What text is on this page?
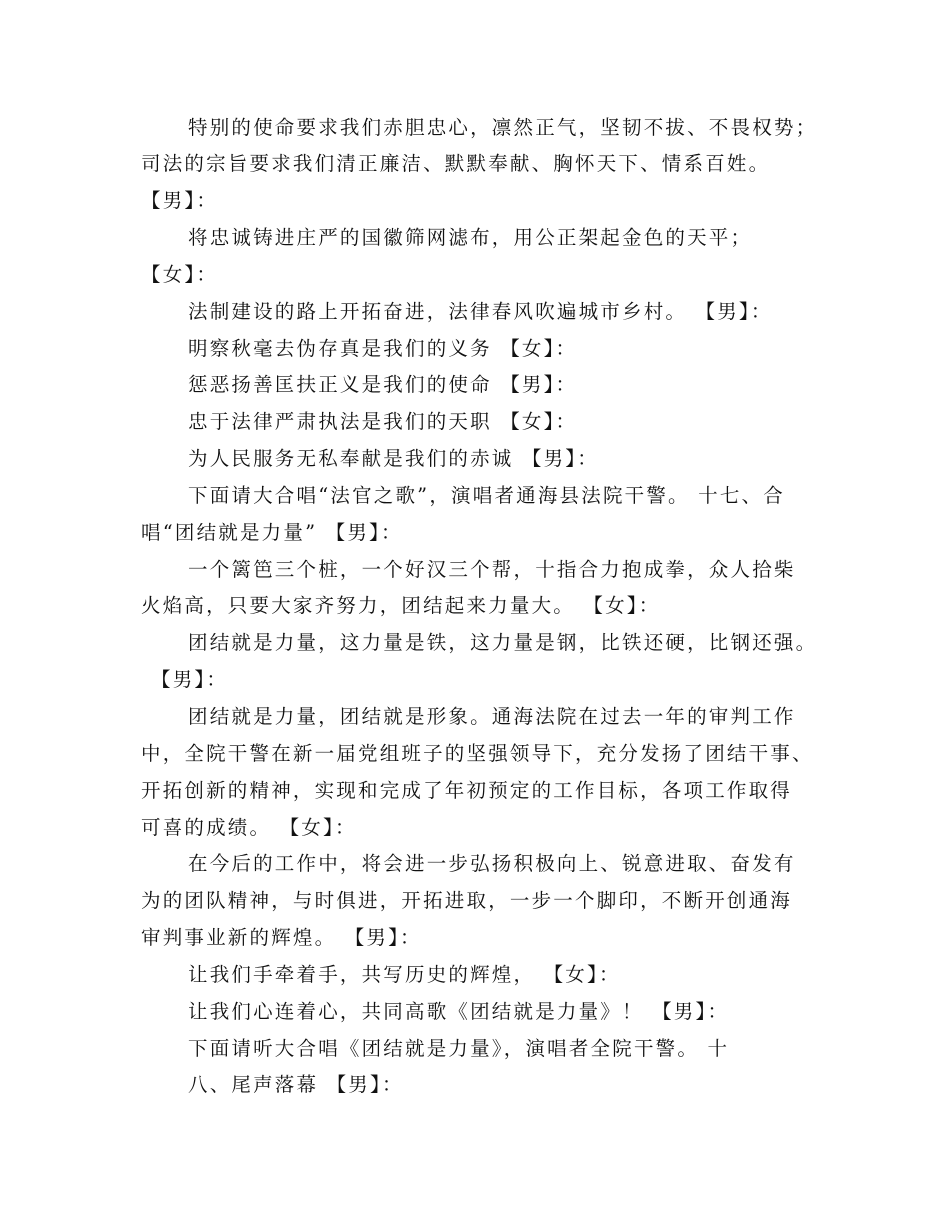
特别的使命要求我们赤胆忠心，凛然正气，坚韧不拔、不畏权势；
司法的宗旨要求我们清正廉洁、默默奉献、胸怀天下、情系百姓。
【男】：
将忠诚铸进庄严的国徽筛网滤布，用公正架起金色的天平；
【女】：
法制建设的路上开拓奋进，法律春风吹遍城市乡村。 【男】：
明察秋毫去伪存真是我们的义务 【女】：
惩恶扬善匡扶正义是我们的使命 【男】：
忠于法律严肃执法是我们的天职 【女】：
为人民服务无私奉献是我们的赤诚 【男】：
下面请大合唱“法官之歌”，演唱者通海县法院干警。 十七、合
唱“团结就是力量” 【男】：
一个篱笆三个桩，一个好汉三个帮，十指合力抱成拳，众人拾柴
火焰高，只要大家齐努力，团结起来力量大。 【女】：
团结就是力量，这力量是铁，这力量是钢，比铁还硬，比钢还强。
【男】：
团结就是力量，团结就是形象。通海法院在过去一年的审判工作
中，全院干警在新一届党组班子的坚强领导下，充分发扬了团结干事、
开拓创新的精神，实现和完成了年初预定的工作目标，各项工作取得
可喜的成绩。 【女】：
在今后的工作中，将会进一步弘扬积极向上、锐意进取、奋发有
为的团队精神，与时俱进，开拓进取，一步一个脚印，不断开创通海
审判事业新的辉煌。 【男】：
让我们手牵着手，共写历史的辉煌， 【女】：
让我们心连着心，共同高歌《团结就是力量》！ 【男】：
下面请听大合唱《团结就是力量》，演唱者全院干警。 十
八、尾声落幕 【男】：
